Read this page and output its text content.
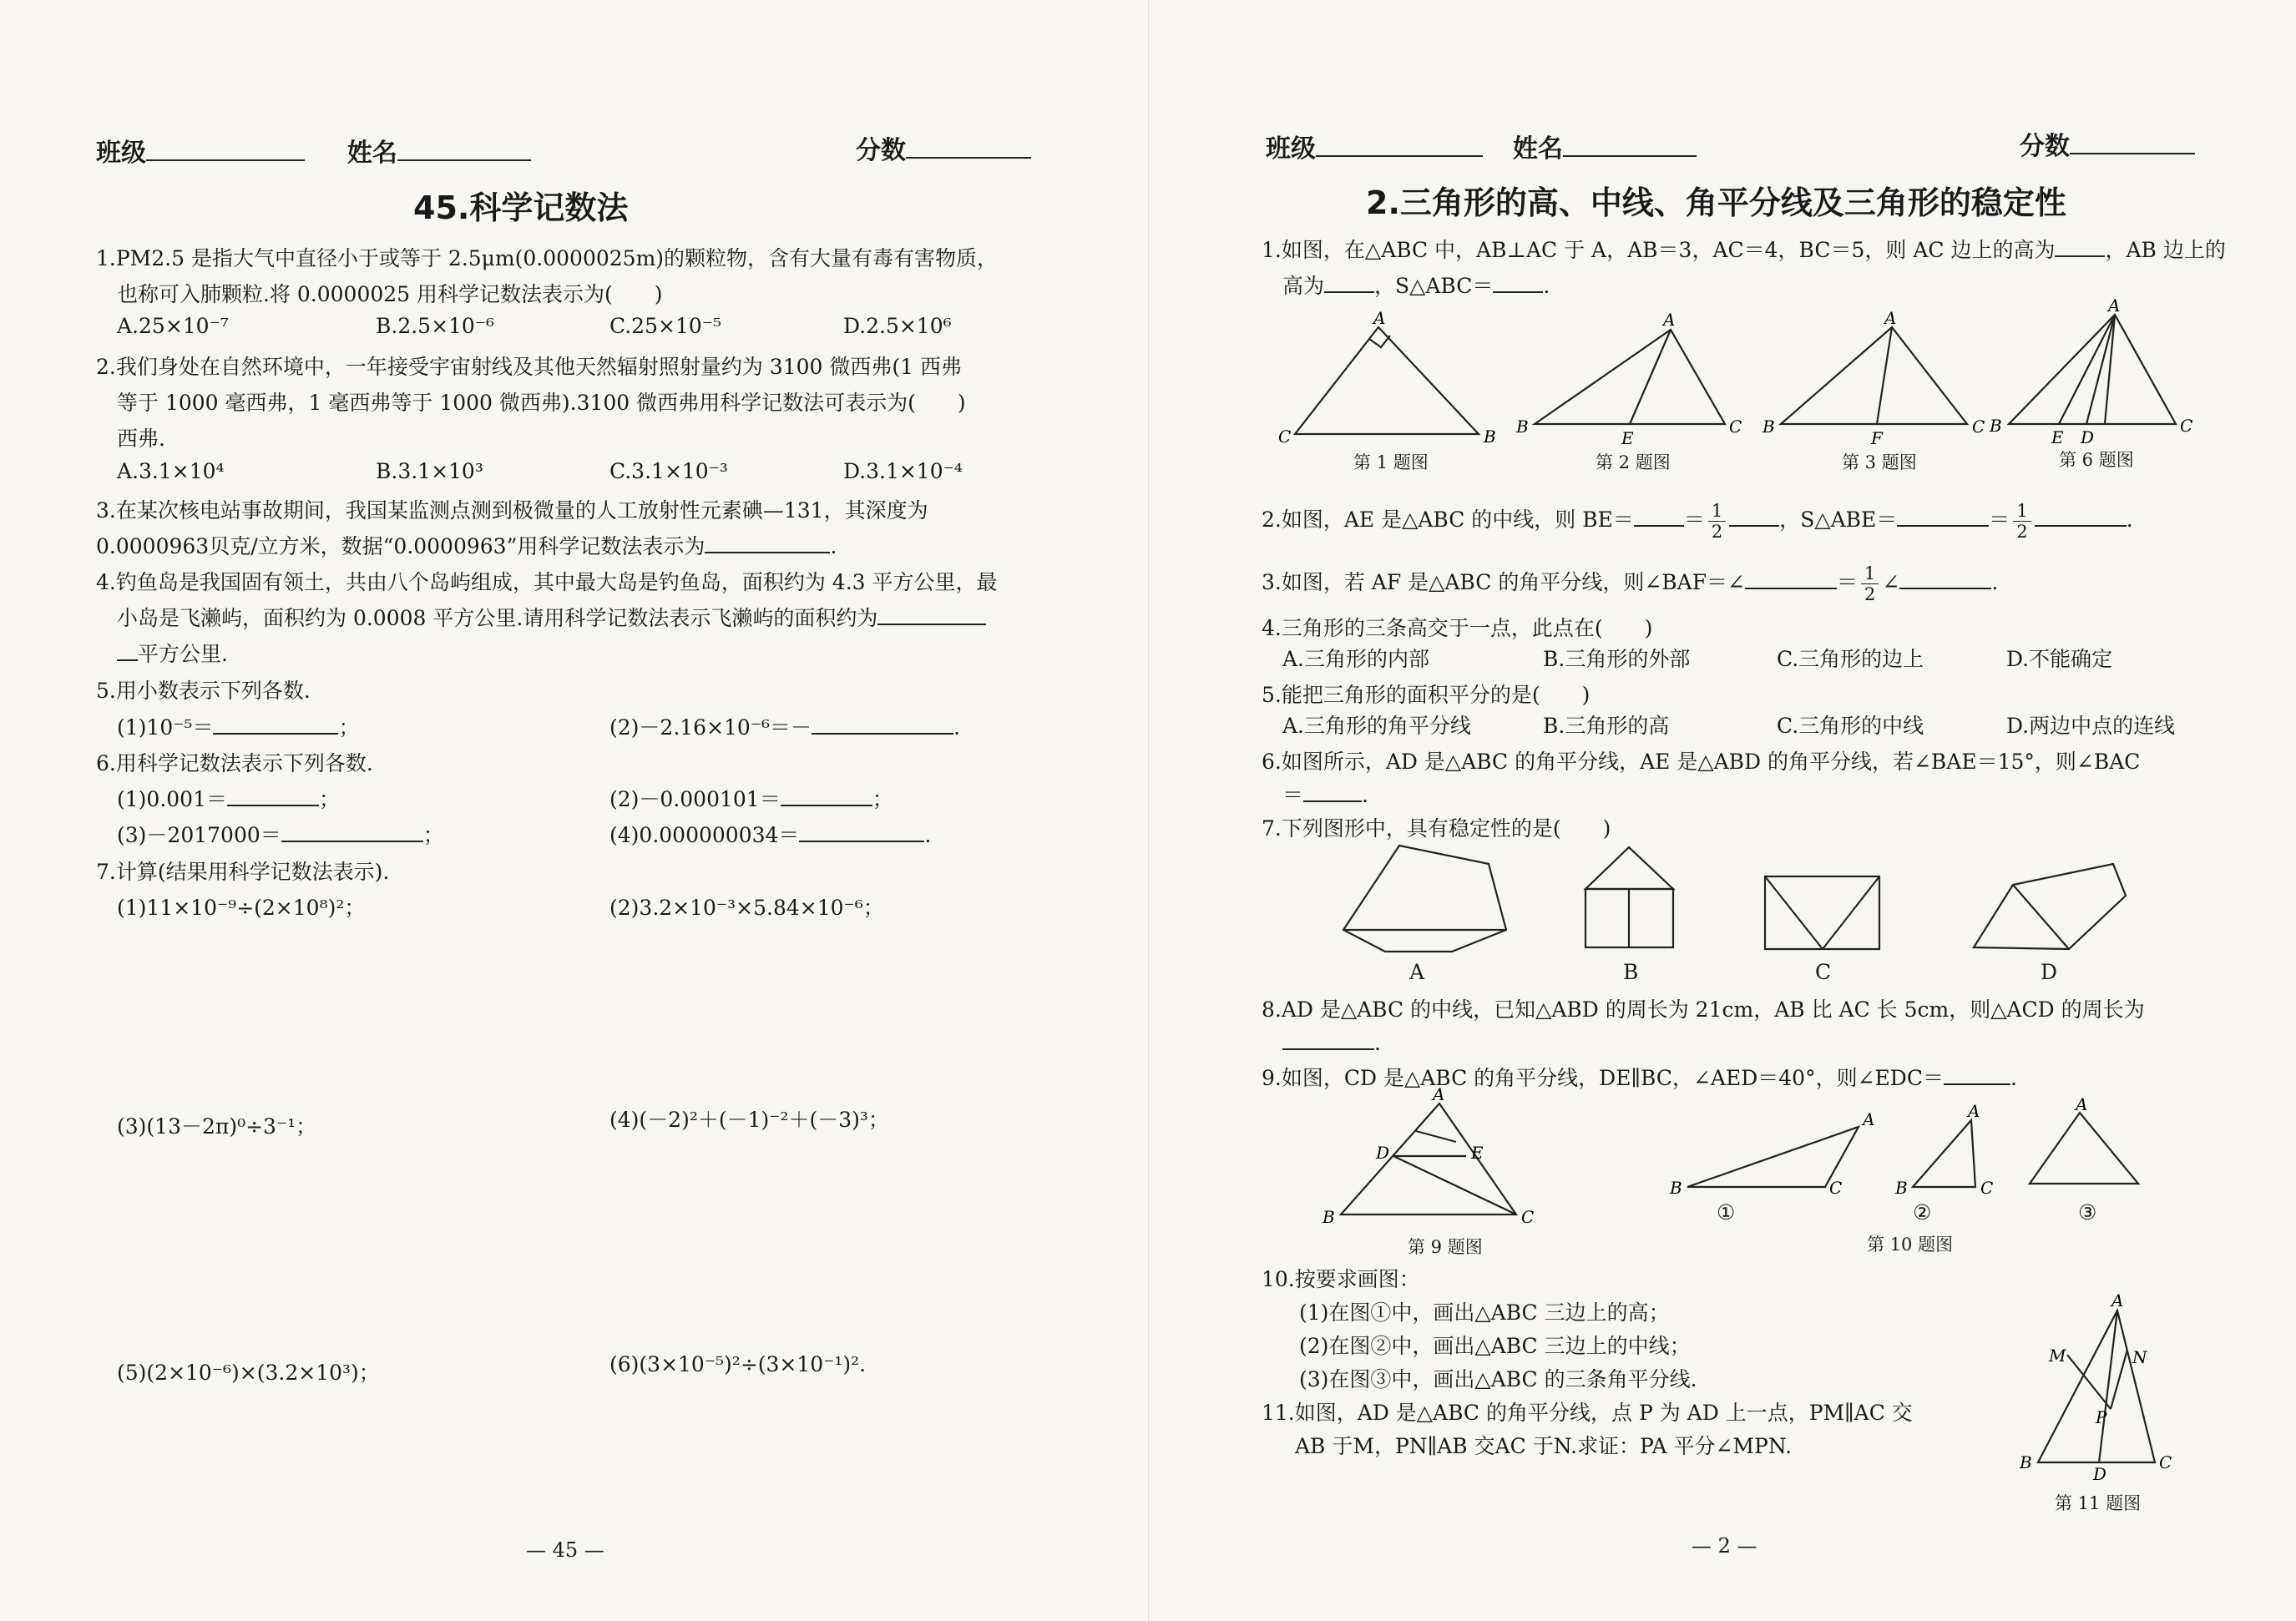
班级	姓名	分数
45.科学记数法
1.PM2.5 是指大气中直径小于或等于 2.5μm(0.0000025m)的颗粒物，含有大量有毒有害物质，
也称可入肺颗粒.将 0.0000025 用科学记数法表示为(　　)
A.25×10⁻⁷	B.2.5×10⁻⁶	C.25×10⁻⁵	D.2.5×10⁶
2.我们身处在自然环境中，一年接受宇宙射线及其他天然辐射照射量约为 3100 微西弗(1 西弗
等于 1000 毫西弗，1 毫西弗等于 1000 微西弗).3100 微西弗用科学记数法可表示为(　　)
西弗.
A.3.1×10⁴	B.3.1×10³	C.3.1×10⁻³	D.3.1×10⁻⁴
3.在某次核电站事故期间，我国某监测点测到极微量的人工放射性元素碘—131，其深度为
0.0000963贝克/立方米，数据“0.0000963”用科学记数法表示为	.
4.钓鱼岛是我国固有领土，共由八个岛屿组成，其中最大岛是钓鱼岛，面积约为 4.3 平方公里，最
小岛是飞濑屿，面积约为 0.0008 平方公里.请用科学记数法表示飞濑屿的面积约为
平方公里.
5.用小数表示下列各数.
(1)10⁻⁵＝	；	(2)－2.16×10⁻⁶＝－	.
6.用科学记数法表示下列各数.
(1)0.001＝	；	(2)－0.000101＝	；
(3)－2017000＝	；	(4)0.000000034＝	.
7.计算(结果用科学记数法表示).
(1)11×10⁻⁹÷(2×10⁸)²；	(2)3.2×10⁻³×5.84×10⁻⁶；
(3)(13－2π)⁰÷3⁻¹；	(4)(－2)²＋(－1)⁻²＋(－3)³；
(5)(2×10⁻⁶)×(3.2×10³)；	(6)(3×10⁻⁵)²÷(3×10⁻¹)².
— 45 —
班级	姓名	分数
2.三角形的高、中线、角平分线及三角形的稳定性
1.如图，在△ABC 中，AB⊥AC 于 A，AB＝3，AC＝4，BC＝5，则 AC 边上的高为 ，AB 边上的
高为 ，S△ABC＝ .
C
A
B
第 1 题图
B
A
C
E
第 2 题图
B
A
C
F
第 3 题图
B
A
C
E D
第 6 题图
2.如图，AE 是△ABC 的中线，则 $BE= = \frac{1}{2}$	，S△ABE＝	＝ $\frac{1}{2}$	.
3.如图，若 AF 是△ABC 的角平分线，则∠BAF＝∠	＝ $\frac{1}{2}$ ∠	.
4.三角形的三条高交于一点，此点在(　　)
A.三角形的内部	B.三角形的外部	C.三角形的边上	D.不能确定
5.能把三角形的面积平分的是(　　)
A.三角形的角平分线	B.三角形的高	C.三角形的中线	D.两边中点的连线
6.如图所示，AD 是△ABC 的角平分线，AE 是△ABD 的角平分线，若∠BAE＝15°，则∠BAC
＝	.
7.下列图形中，具有稳定性的是(　　)
A	B	C	D
8.AD 是△ABC 的中线，已知△ABD 的周长为 21cm，AB 比 AC 长 5cm，则△ACD 的周长为
.
9.如图，CD 是△ABC 的角平分线，DE∥BC，∠AED＝40°，则∠EDC＝	.
A
B	C
D	E
第 9 题图
B
A
C	B
A
C
A
①	②	③
第 10 题图
10.按要求画图：
(1)在图①中，画出△ABC 三边上的高；
(2)在图②中，画出△ABC 三边上的中线；
(3)在图③中，画出△ABC 的三条角平分线.
11.如图，AD 是△ABC 的角平分线，点 P 为 AD 上一点，PM∥AC 交
AB 于M，PN∥AB 交AC 于N.求证：PA 平分∠MPN.
A
B	C
M	N
P
D
第 11 题图
— 2 —
